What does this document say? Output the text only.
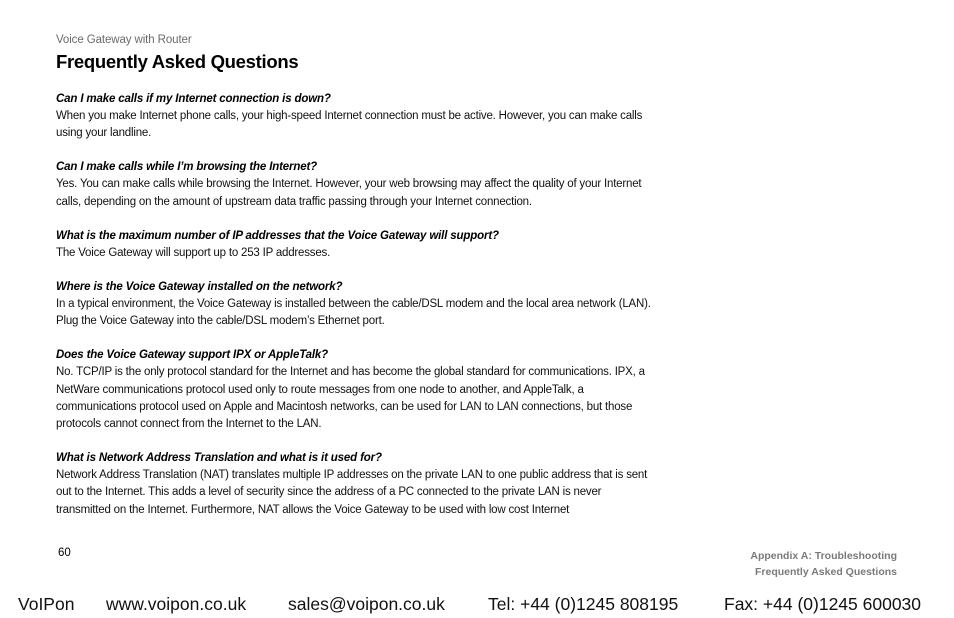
Voice Gateway with Router
Frequently Asked Questions
Can I make calls if my Internet connection is down?
When you make Internet phone calls, your high-speed Internet connection must be active. However, you can make calls using your landline.
Can I make calls while I’m browsing the Internet?
Yes. You can make calls while browsing the Internet. However, your web browsing may affect the quality of your Internet calls, depending on the amount of upstream data traffic passing through your Internet connection.
What is the maximum number of IP addresses that the Voice Gateway will support?
The Voice Gateway will support up to 253 IP addresses.
Where is the Voice Gateway installed on the network?
In a typical environment, the Voice Gateway is installed between the cable/DSL modem and the local area network (LAN). Plug the Voice Gateway into the cable/DSL modem’s Ethernet port.
Does the Voice Gateway support IPX or AppleTalk?
No. TCP/IP is the only protocol standard for the Internet and has become the global standard for communications. IPX, a NetWare communications protocol used only to route messages from one node to another, and AppleTalk, a communications protocol used on Apple and Macintosh networks, can be used for LAN to LAN connections, but those protocols cannot connect from the Internet to the LAN.
What is Network Address Translation and what is it used for?
Network Address Translation (NAT) translates multiple IP addresses on the private LAN to one public address that is sent out to the Internet. This adds a level of security since the address of a PC connected to the private LAN is never transmitted on the Internet. Furthermore, NAT allows the Voice Gateway to be used with low cost Internet
60	Appendix A: Troubleshooting
Frequently Asked Questions
VoIPon	www.voipon.co.uk	sales@voipon.co.uk	Tel: +44 (0)1245 808195	Fax: +44 (0)1245 600030
